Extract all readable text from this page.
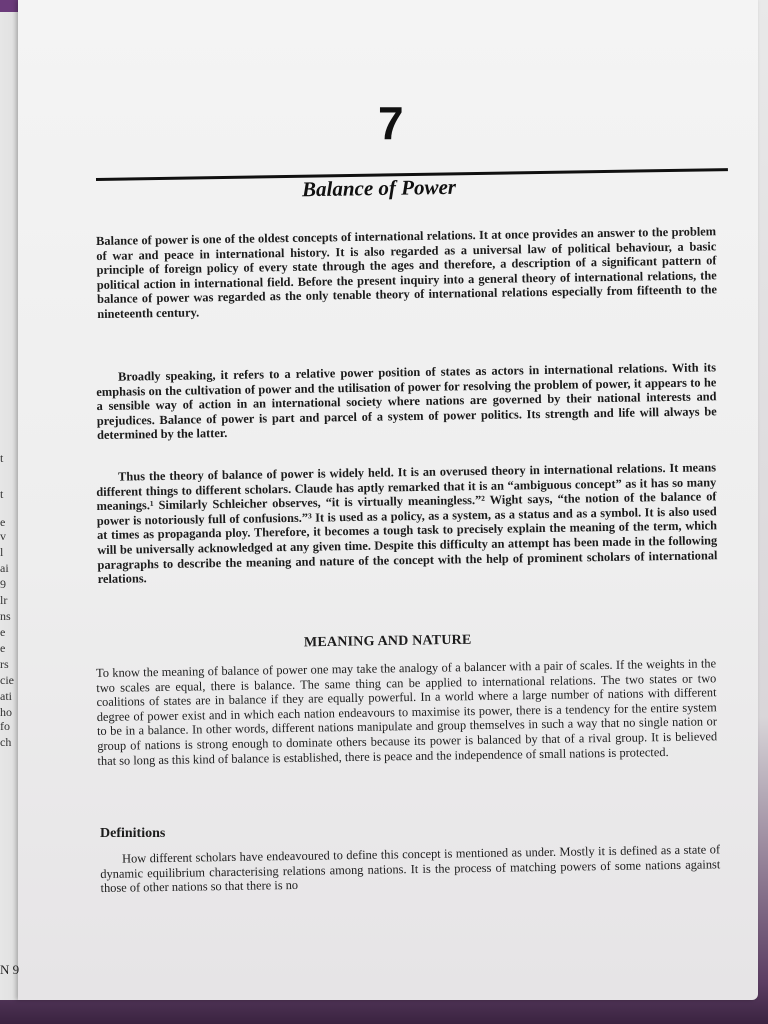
t
t
e
v
l
ai
9
lr
ns
e
e
rs
cie
ati
ho
fo
ch
7
Balance of Power

Balance of power is one of the oldest concepts of international relations. It at once provides an answer to the problem of war and peace in international history. It is also regarded as a universal law of political behaviour, a basic principle of foreign policy of every state through the ages and therefore, a description of a significant pattern of political action in international field. Before the present inquiry into a general theory of international relations, the balance of power was regarded as the only tenable theory of international relations especially from fifteenth to the nineteenth century.

Broadly speaking, it refers to a relative power position of states as actors in international relations. With its emphasis on the cultivation of power and the utilisation of power for resolving the problem of power, it appears to he a sensible way of action in an international society where nations are governed by their national interests and prejudices. Balance of power is part and parcel of a system of power politics. Its strength and life will always be determined by the latter.

Thus the theory of balance of power is widely held. It is an overused theory in international relations. It means different things to different scholars. Claude has aptly remarked that it is an “ambiguous concept” as it has so many meanings.¹ Similarly Schleicher observes, “it is virtually meaningless.”² Wight says, “the notion of the balance of power is notoriously full of confusions.”³ It is used as a policy, as a system, as a status and as a symbol. It is also used at times as propaganda ploy. Therefore, it becomes a tough task to precisely explain the meaning of the term, which will be universally acknowledged at any given time. Despite this difficulty an attempt has been made in the following paragraphs to describe the meaning and nature of the concept with the help of prominent scholars of international relations.

MEANING AND NATURE

To know the meaning of balance of power one may take the analogy of a balancer with a pair of scales. If the weights in the two scales are equal, there is balance. The same thing can be applied to international relations. The two states or two coalitions of states are in balance if they are equally powerful. In a world where a large number of nations with different degree of power exist and in which each nation endeavours to maximise its power, there is a tendency for the entire system to be in a balance. In other words, different nations manipulate and group themselves in such a way that no single nation or group of nations is strong enough to dominate others because its power is balanced by that of a rival group. It is believed that so long as this kind of balance is established, there is peace and the independence of small nations is protected.

Definitions

How different scholars have endeavoured to define this concept is mentioned as under. Mostly it is defined as a state of dynamic equilibrium characterising relations among nations. It is the process of matching powers of some nations against those of other nations so that there is no

N 9
